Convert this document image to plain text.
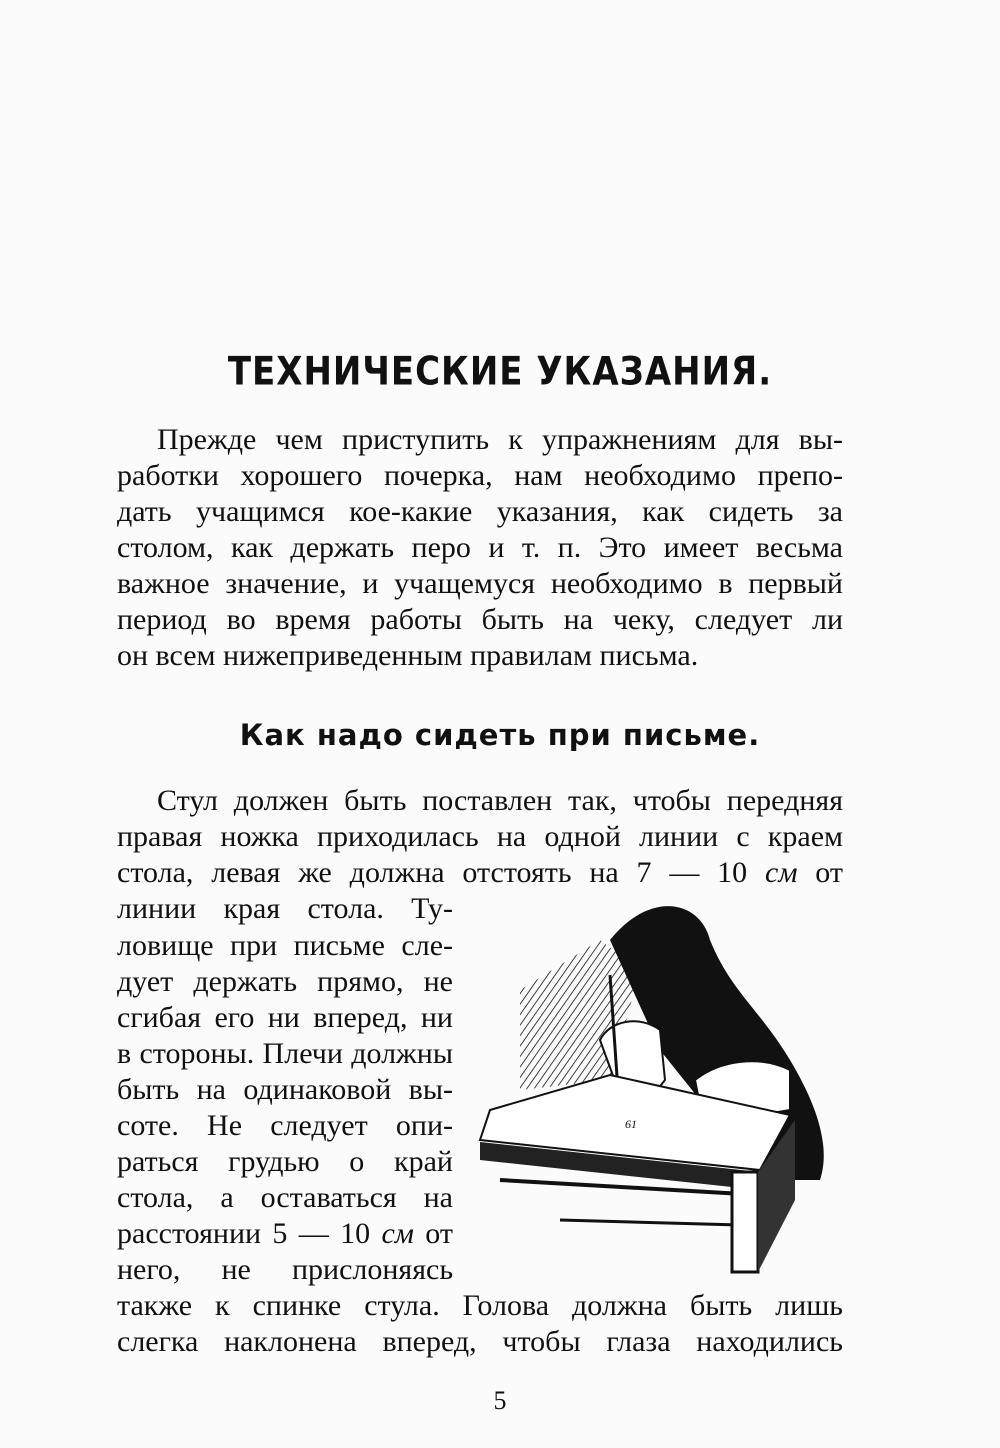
ТЕХНИЧЕСКИЕ УКАЗАНИЯ.
Прежде чем приступить к упражнениям для вы-
работки хорошего почерка, нам необходимо препо-
дать учащимся кое-какие указания, как сидеть за
столом, как держать перо и т. п. Это имеет весьма
важное значение, и учащемуся необходимо в первый
период во время работы быть на чеку, следует ли
он всем нижеприведенным правилам письма.
Как надо сидеть при письме.
Стул должен быть поставлен так, чтобы передняя
правая ножка приходилась на одной линии с краем
стола, левая же должна отстоять на 7 — 10 см от
линии края стола. Ту-
ловище при письме сле-
дует держать прямо, не
сгибая его ни вперед, ни
в стороны. Плечи должны
быть на одинаковой вы-
соте. Не следует опи-
раться грудью о край
стола, а оставаться на
расстоянии 5 — 10 см от
него, не прислоняясь
также к спинке стула. Голова должна быть лишь
слегка наклонена вперед, чтобы глаза находились
61
5
